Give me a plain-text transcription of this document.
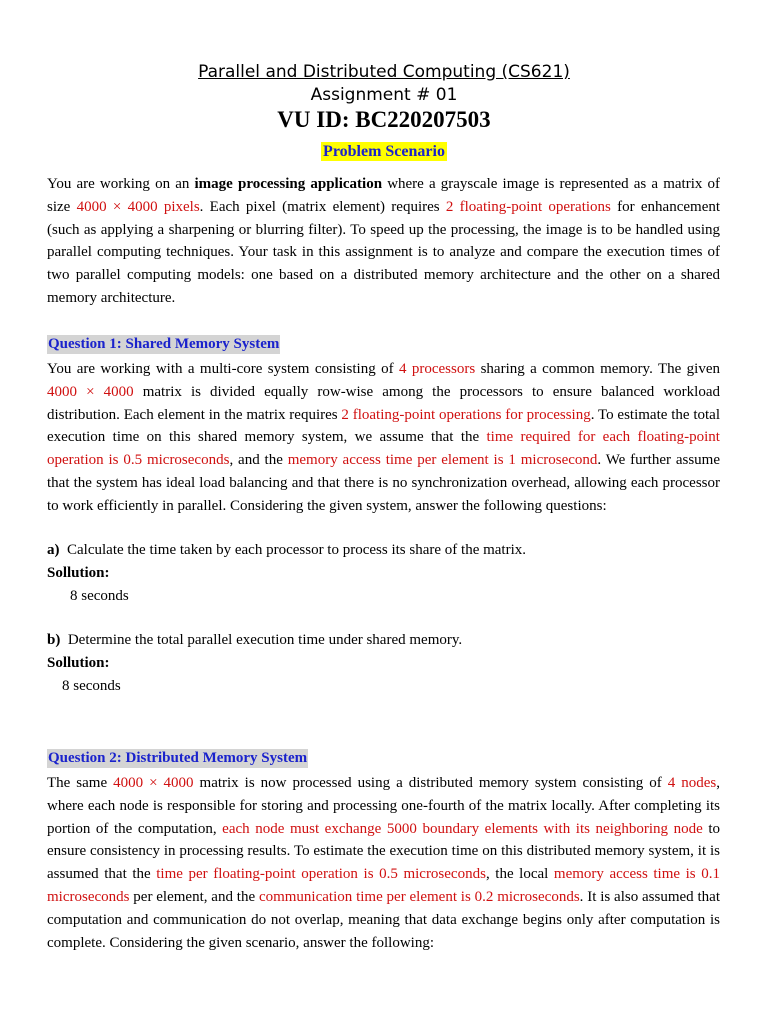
Parallel and Distributed Computing (CS621)

Assignment # 01

VU ID: BC220207503

Problem Scenario

You are working on an image processing application where a grayscale image is represented as a matrix of size 4000 × 4000 pixels. Each pixel (matrix element) requires 2 floating-point operations for enhancement (such as applying a sharpening or blurring filter). To speed up the processing, the image is to be handled using parallel computing techniques. Your task in this assignment is to analyze and compare the execution times of two parallel computing models: one based on a distributed memory architecture and the other on a shared memory architecture.

Question 1: Shared Memory System

You are working with a multi-core system consisting of 4 processors sharing a common memory. The given 4000 × 4000 matrix is divided equally row-wise among the processors to ensure balanced workload distribution. Each element in the matrix requires 2 floating-point operations for processing. To estimate the total execution time on this shared memory system, we assume that the time required for each floating-point operation is 0.5 microseconds, and the memory access time per element is 1 microsecond. We further assume that the system has ideal load balancing and that there is no synchronization overhead, allowing each processor to work efficiently in parallel. Considering the given system, answer the following questions:

a) Calculate the time taken by each processor to process its share of the matrix.
Sollution:
8 seconds
b) Determine the total parallel execution time under shared memory.
Sollution:
8 seconds
Question 2: Distributed Memory System

The same 4000 × 4000 matrix is now processed using a distributed memory system consisting of 4 nodes, where each node is responsible for storing and processing one-fourth of the matrix locally. After completing its portion of the computation, each node must exchange 5000 boundary elements with its neighboring node to ensure consistency in processing results. To estimate the execution time on this distributed memory system, it is assumed that the time per floating-point operation is 0.5 microseconds, the local memory access time is 0.1 microseconds per element, and the communication time per element is 0.2 microseconds. It is also assumed that computation and communication do not overlap, meaning that data exchange begins only after computation is complete. Considering the given scenario, answer the following:
